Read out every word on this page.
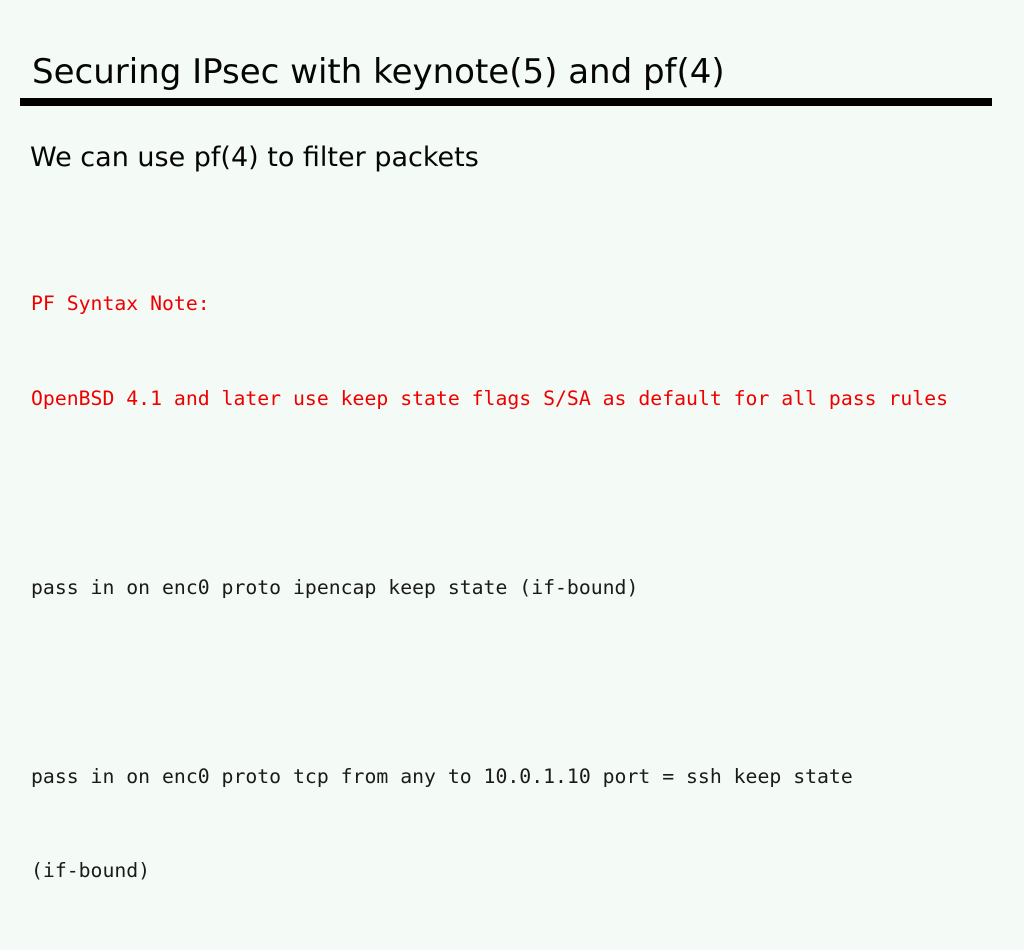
Securing IPsec with keynote(5) and pf(4)
We can use pf(4) to filter packets

PF Syntax Note:

OpenBSD 4.1 and later use keep state flags S/SA as default for all pass rules

pass in on enc0 proto ipencap keep state (if-bound)

pass in on enc0 proto tcp from any to 10.0.1.10 port = ssh keep state

(if-bound)
